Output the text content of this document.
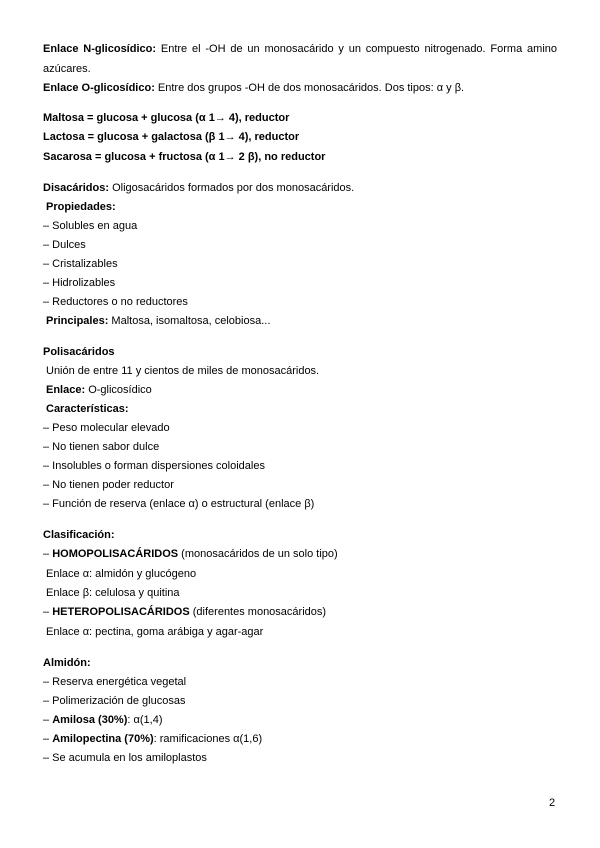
Enlace N-glicosídico: Entre el -OH de un monosacárido y un compuesto nitrogenado. Forma amino
azúcares.
Enlace O-glicosídico: Entre dos grupos -OH de dos monosacáridos. Dos tipos: α y β.
Maltosa = glucosa + glucosa (α 1→ 4), reductor
Lactosa = glucosa + galactosa (β 1→ 4), reductor
Sacarosa = glucosa + fructosa (α 1→ 2 β), no reductor
Disacáridos: Oligosacáridos formados por dos monosacáridos.
Propiedades:
– Solubles en agua
– Dulces
– Cristalizables
– Hidrolizables
– Reductores o no reductores
Principales: Maltosa, isomaltosa, celobiosa...
Polisacáridos
Unión de entre 11 y cientos de miles de monosacáridos.
Enlace: O-glicosídico
Características:
– Peso molecular elevado
– No tienen sabor dulce
– Insolubles o forman dispersiones coloidales
– No tienen poder reductor
– Función de reserva (enlace α) o estructural (enlace β)
Clasificación:
– HOMOPOLISACÁRIDOS (monosacáridos de un solo tipo)
Enlace α: almidón y glucógeno
Enlace β: celulosa y quitina
– HETEROPOLISACÁRIDOS (diferentes monosacáridos)
Enlace α: pectina, goma arábiga y agar-agar
Almidón:
– Reserva energética vegetal
– Polimerización de glucosas
– Amilosa (30%): α(1,4)
– Amilopectina (70%): ramificaciones α(1,6)
– Se acumula en los amiloplastos
2
